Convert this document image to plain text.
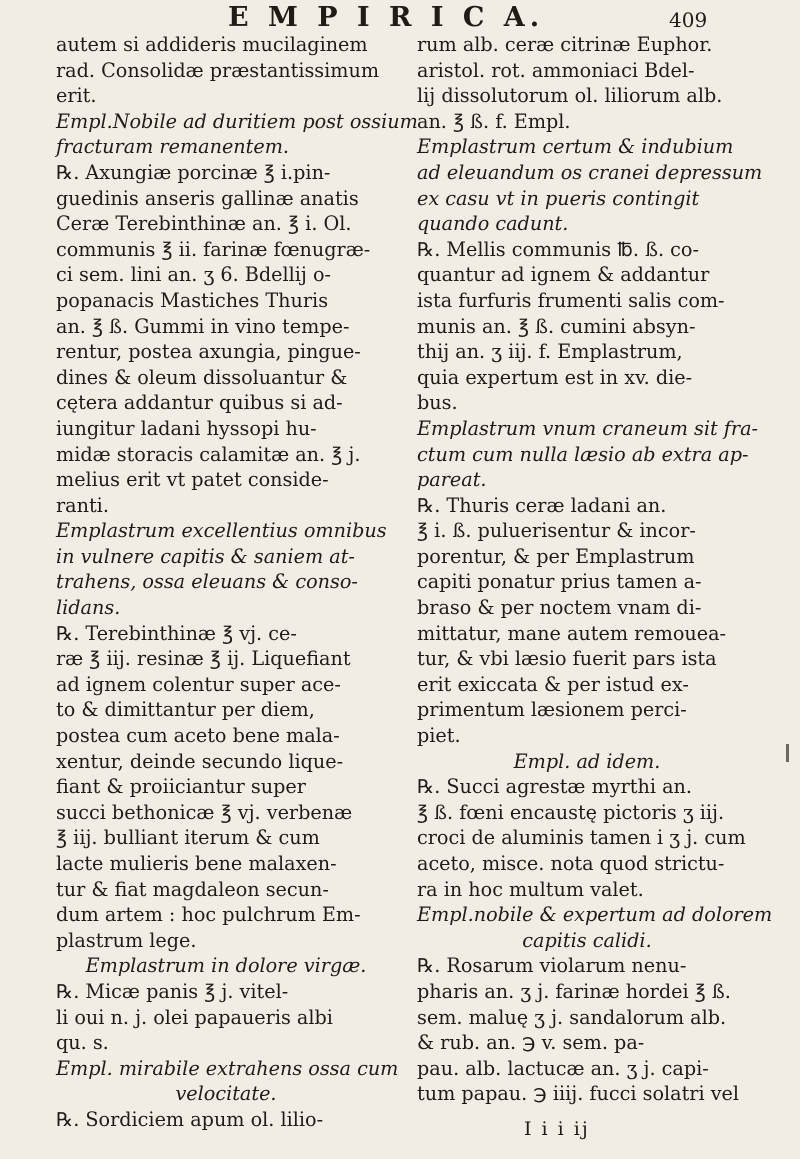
E M P I R I C A.	409
autem si addideris mucilaginem
rad. Consolidæ præstantissimum
erit.
Empl.Nobile ad duritiem post ossium
fracturam remanentem.
℞. Axungiæ porcinæ ℥ i.pin-
guedinis anseris gallinæ anatis
Ceræ Terebinthinæ an. ℥ i. Ol.
communis ℥ ii. farinæ fœnugræ-
ci sem. lini an. ʒ 6. Bdellij o-
popanacis Mastiches Thuris
an. ℥ ß. Gummi in vino tempe-
rentur, postea axungia, pingue-
dines & oleum dissoluantur &
cętera addantur quibus si ad-
iungitur ladani hyssopi hu-
midæ storacis calamitæ an. ℥ j.
melius erit vt patet conside-
ranti.
Emplastrum excellentius omnibus
in vulnere capitis & saniem at-
trahens, ossa eleuans & conso-
lidans.
℞. Terebinthinæ ℥ vj. ce-
ræ ℥ iij. resinæ ℥ ij. Liquefiant
ad ignem colentur super ace-
to & dimittantur per diem,
postea cum aceto bene mala-
xentur, deinde secundo lique-
fiant & proiiciantur super
succi bethonicæ ℥ vj. verbenæ
℥ iij. bulliant iterum & cum
lacte mulieris bene malaxen-
tur & fiat magdaleon secun-
dum artem : hoc pulchrum Em-
plastrum lege.
Emplastrum in dolore virgæ.
℞. Micæ panis ℥ j. vitel-
li oui n. j. olei papaueris albi
qu. s.
Empl. mirabile extrahens ossa cum
velocitate.
℞. Sordiciem apum ol. lilio-
rum alb. ceræ citrinæ Euphor.
aristol. rot. ammoniaci Bdel-
lij dissolutorum ol. liliorum alb.
an. ℥ ß. f. Empl.
Emplastrum certum & indubium
ad eleuandum os cranei depressum
ex casu vt in pueris contingit
quando cadunt.
℞. Mellis communis ℔. ß. co-
quantur ad ignem & addantur
ista furfuris frumenti salis com-
munis an. ℥ ß. cumini absyn-
thij an. ʒ iij. f. Emplastrum,
quia expertum est in xv. die-
bus.
Emplastrum vnum craneum sit fra-
ctum cum nulla læsio ab extra ap-
pareat.
℞. Thuris ceræ ladani an.
℥ i. ß. puluerisentur & incor-
porentur, & per Emplastrum
capiti ponatur prius tamen a-
braso & per noctem vnam di-
mittatur, mane autem remouea-
tur, & vbi læsio fuerit pars ista
erit exiccata & per istud ex-
primentum læsionem perci-
piet.
Empl. ad idem.
℞. Succi agrestæ myrthi an.
℥ ß. fœni encaustę pictoris ʒ iij.
croci de aluminis tamen i ʒ j. cum
aceto, misce. nota quod strictu-
ra in hoc multum valet.
Empl.nobile & expertum ad dolorem
capitis calidi.
℞. Rosarum violarum nenu-
pharis an. ʒ j. farinæ hordei ℥ ß.
sem. maluę ʒ j. sandalorum alb.
& rub. an. ℈ v. sem. pa-
pau. alb. lactucæ an. ʒ j. capi-
tum papau. ℈ iiij. fucci solatri vel
I i i ij
